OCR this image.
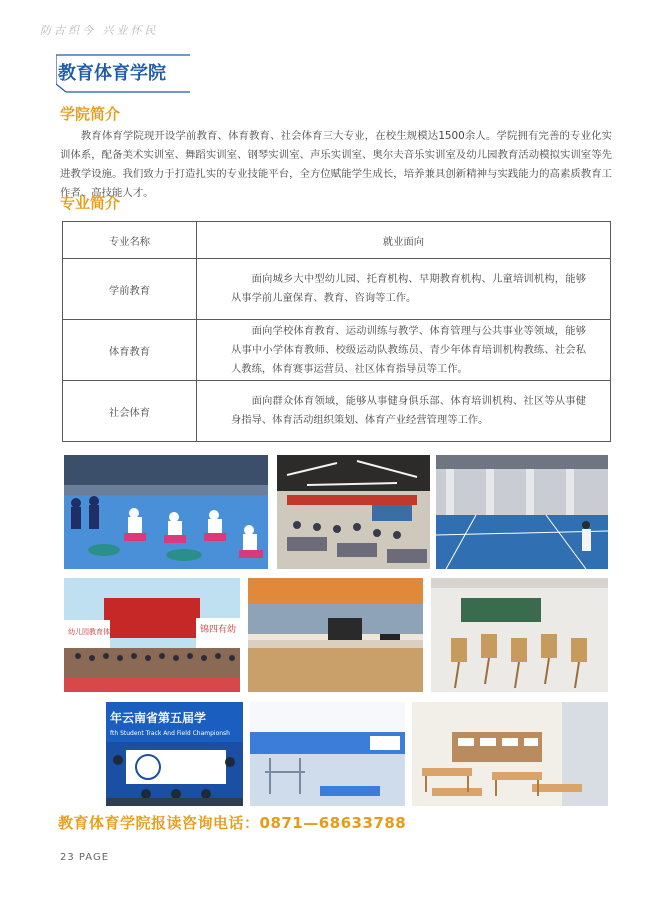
防古织今 兴业怀民
教育体育学院
学院简介
教育体育学院现开设学前教育、体育教育、社会体育三大专业，在校生规模达1500余人。学院拥有完善的专业化实训体系，配备美术实训室、舞蹈实训室、钢琴实训室、声乐实训室、奥尔夫音乐实训室及幼儿园教育活动模拟实训室等先进教学设施。我们致力于打造扎实的专业技能平台，全方位赋能学生成长，培养兼具创新精神与实践能力的高素质教育工作者、高技能人才。
专业简介
专业名称	就业面向
学前教育	面向城乡大中型幼儿园、托育机构、早期教育机构、儿童培训机构，能够从事学前儿童保育、教育、咨询等工作。
体育教育	面向学校体育教育、运动训练与教学、体育管理与公共事业等领域，能够从事中小学体育教师、校级运动队教练员、青少年体育培训机构教练、社会私人教练，体育赛事运营员、社区体育指导员等工作。
社会体育	面向群众体育领域，能够从事健身俱乐部、体育培训机构、社区等从事健身指导、体育活动组织策划、体育产业经营管理等工作。
幼儿园教育体系	锦四有幼
年云南省第五届学
fth Student Track And Field Championsh
教育体育学院报读咨询电话：0871—68633788
23 PAGE
